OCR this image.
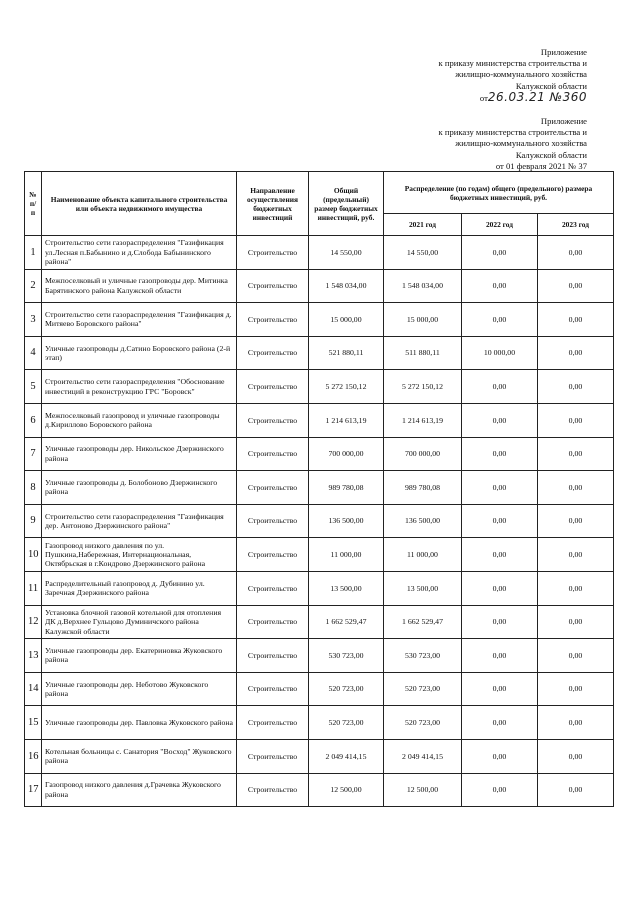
Приложение
к приказу министерства строительства и
жилищно-коммунального хозяйства
Калужской области
от26.03.21 №360
Приложение
к приказу министерства строительства и
жилищно-коммунального хозяйства
Калужской области
от 01 февраля 2021 № 37
№ п/п	Наименование объекта капитального строительства или объекта недвижимого имущества	Направление осуществления бюджетных инвестиций	Общий (предельный) размер бюджетных инвестиций, руб.	Распределение (по годам) общего (предельного) размера бюджетных инвестиций, руб.		
				2021 год	2022 год	2023 год
1	Строительство сети газораспределения "Газификация ул.Лесная п.Бабынино и д.Слобода Бабынинского района"	Строительство	14 550,00	14 550,00	0,00	0,00
2	Межпоселковый и уличные газопроводы дер. Митинка Барятинского района Калужской области	Строительство	1 548 034,00	1 548 034,00	0,00	0,00
3	Строительство сети газораспределения "Газификация д. Митяево Боровского района"	Строительство	15 000,00	15 000,00	0,00	0,00
4	Уличные газопроводы д.Сатино Боровского района (2-й этап)	Строительство	521 880,11	511 880,11	10 000,00	0,00
5	Строительство сети газораспределения "Обоснование инвестиций в реконструкцию ГРС "Боровск"	Строительство	5 272 150,12	5 272 150,12	0,00	0,00
6	Межпоселковый газопровод и уличные газопроводы д.Кириллово Боровского района	Строительство	1 214 613,19	1 214 613,19	0,00	0,00
7	Уличные газопроводы дер. Никольское Дзержинского района	Строительство	700 000,00	700 000,00	0,00	0,00
8	Уличные газопроводы д. Болобоново Дзержинского района	Строительство	989 780,08	989 780,08	0,00	0,00
9	Строительство сети газораспределения "Газификация дер. Антоново Дзержинского района"	Строительство	136 500,00	136 500,00	0,00	0,00
10	Газопровод низкого давления по ул. Пушкина,Набережная, Интернациональная, Октябрьская в г.Кондрово Дзержинского района	Строительство	11 000,00	11 000,00	0,00	0,00
11	Распределительный газопровод д. Дубинино ул. Заречная Дзержинского района	Строительство	13 500,00	13 500,00	0,00	0,00
12	Установка блочной газовой котельной для отопления ДК д.Верхнее Гульцово Думиничского района Калужской области	Строительство	1 662 529,47	1 662 529,47	0,00	0,00
13	Уличные газопроводы дер. Екатериновка Жуковского района	Строительство	530 723,00	530 723,00	0,00	0,00
14	Уличные газопроводы дер. Неботово Жуковского района	Строительство	520 723,00	520 723,00	0,00	0,00
15	Уличные газопроводы дер. Павловка Жуковского района	Строительство	520 723,00	520 723,00	0,00	0,00
16	Котельная больницы с. Санатория "Восход" Жуковского района	Строительство	2 049 414,15	2 049 414,15	0,00	0,00
17	Газопровод низкого давления д.Грачевка Жуковского района	Строительство	12 500,00	12 500,00	0,00	0,00
